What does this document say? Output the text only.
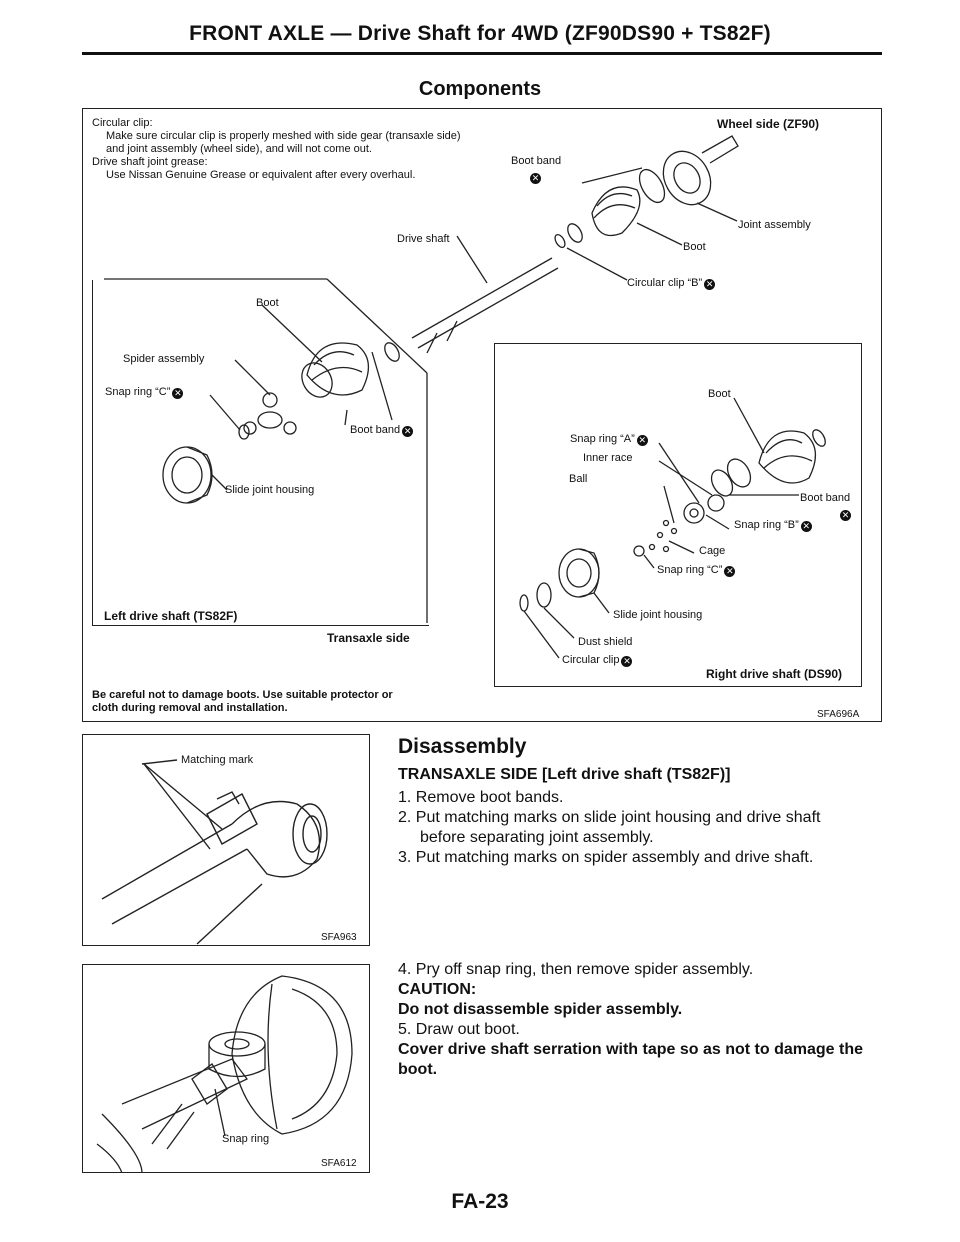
FRONT AXLE — Drive Shaft for 4WD (ZF90DS90 + TS82F)
Components
Circular clip:
Make sure circular clip is properly meshed with side gear (transaxle side)
and joint assembly (wheel side), and will not come out.
Drive shaft joint grease:
Use Nissan Genuine Grease or equivalent after every overhaul.
Wheel side (ZF90)
Boot band
✕
Joint assembly
Boot
Circular clip “B” ✕
Drive shaft
Boot
Spider assembly
Snap ring “C” ✕
Boot band ✕
Slide joint housing
Left drive shaft (TS82F)
Transaxle side
Boot
Snap ring “A” ✕
Inner race
Ball
Boot band
✕
Snap ring “B” ✕
Cage
Snap ring “C” ✕
Slide joint housing
Dust shield
Circular clip ✕
Right drive shaft (DS90)
Be careful not to damage boots. Use suitable protector or
cloth during removal and installation.
SFA696A
Matching mark
SFA963
Snap ring
SFA612
Disassembly
TRANSAXLE SIDE [Left drive shaft (TS82F)]

1. Remove boot bands.

2. Put matching marks on slide joint housing and drive shaft

before separating joint assembly.

3. Put matching marks on spider assembly and drive shaft.

4. Pry off snap ring, then remove spider assembly.

CAUTION:

Do not disassemble spider assembly.

5. Draw out boot.

Cover drive shaft serration with tape so as not to damage the

boot.

FA-23
